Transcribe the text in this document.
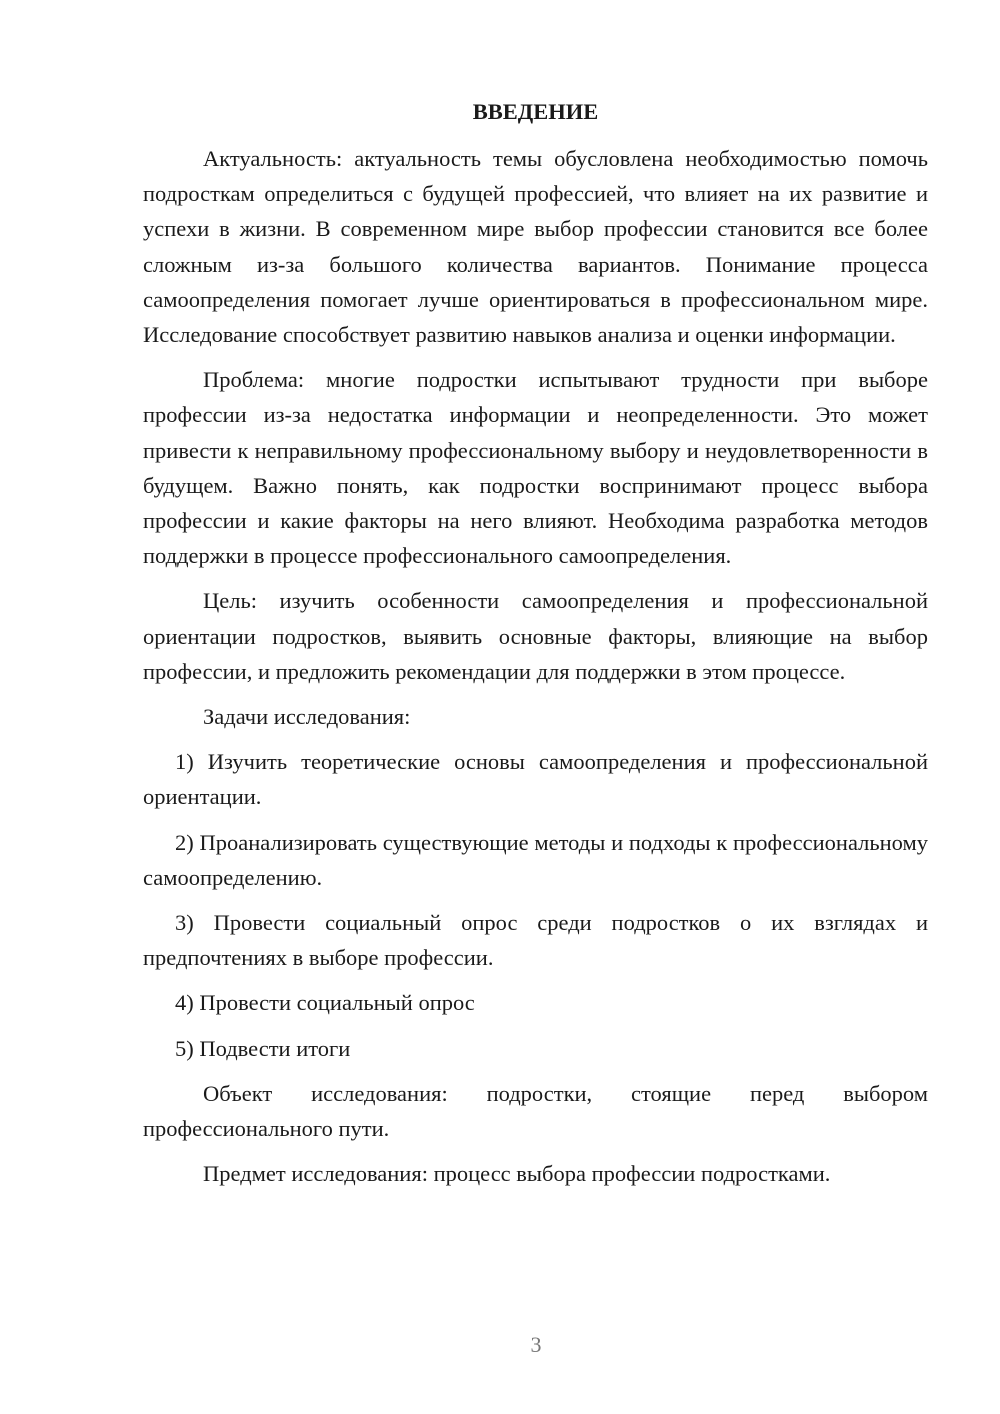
ВВЕДЕНИЕ

Актуальность: актуальность темы обусловлена необходимостью помочь подросткам определиться с будущей профессией, что влияет на их развитие и успехи в жизни. В современном мире выбор профессии становится все более сложным из-за большого количества вариантов. Понимание процесса самоопределения помогает лучше ориентироваться в профессиональном мире. Исследование способствует развитию навыков анализа и оценки информации.

Проблема: многие подростки испытывают трудности при выборе профессии из-за недостатка информации и неопределенности. Это может привести к неправильному профессиональному выбору и неудовлетворенности в будущем. Важно понять, как подростки воспринимают процесс выбора профессии и какие факторы на него влияют. Необходима разработка методов поддержки в процессе профессионального самоопределения.

Цель: изучить особенности самоопределения и профессиональной ориентации подростков, выявить основные факторы, влияющие на выбор профессии, и предложить рекомендации для поддержки в этом процессе.

Задачи исследования:

1) Изучить теоретические основы самоопределения и профессиональной ориентации.

2) Проанализировать существующие методы и подходы к профессиональному самоопределению.

3) Провести социальный опрос среди подростков о их взглядах и предпочтениях в выборе профессии.

4) Провести социальный опрос

5) Подвести итоги

Объект исследования: подростки, стоящие перед выбором профессионального пути.

Предмет исследования: процесс выбора профессии подростками.

3
